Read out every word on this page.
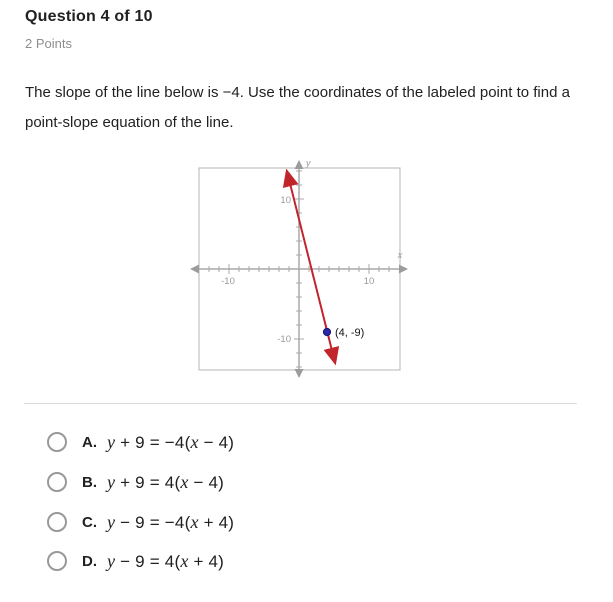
Question 4 of 10
2 Points
The slope of the line below is −4. Use the coordinates of the labeled point to find a point-slope equation of the line.
-10	10
10
-10
y
x
(4, -9)
A. y + 9 = −4(x − 4)
B. y + 9 = 4(x − 4)
C. y − 9 = −4(x + 4)
D. y − 9 = 4(x + 4)
